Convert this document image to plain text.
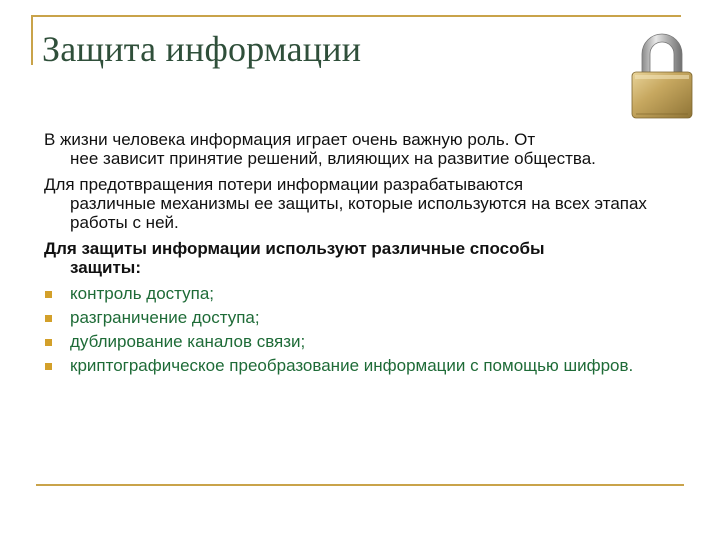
Защита информации

В жизни человека информация играет очень важную роль. От
нее зависит принятие решений, влияющих на развитие общества.

Для предотвращения потери информации разрабатываются
различные механизмы ее защиты, которые используются на всех этапах работы с ней.

Для защиты информации используют различные способы
защиты:

контроль доступа;
разграничение доступа;
дублирование каналов связи;
криптографическое преобразование информации с помощью шифров.
